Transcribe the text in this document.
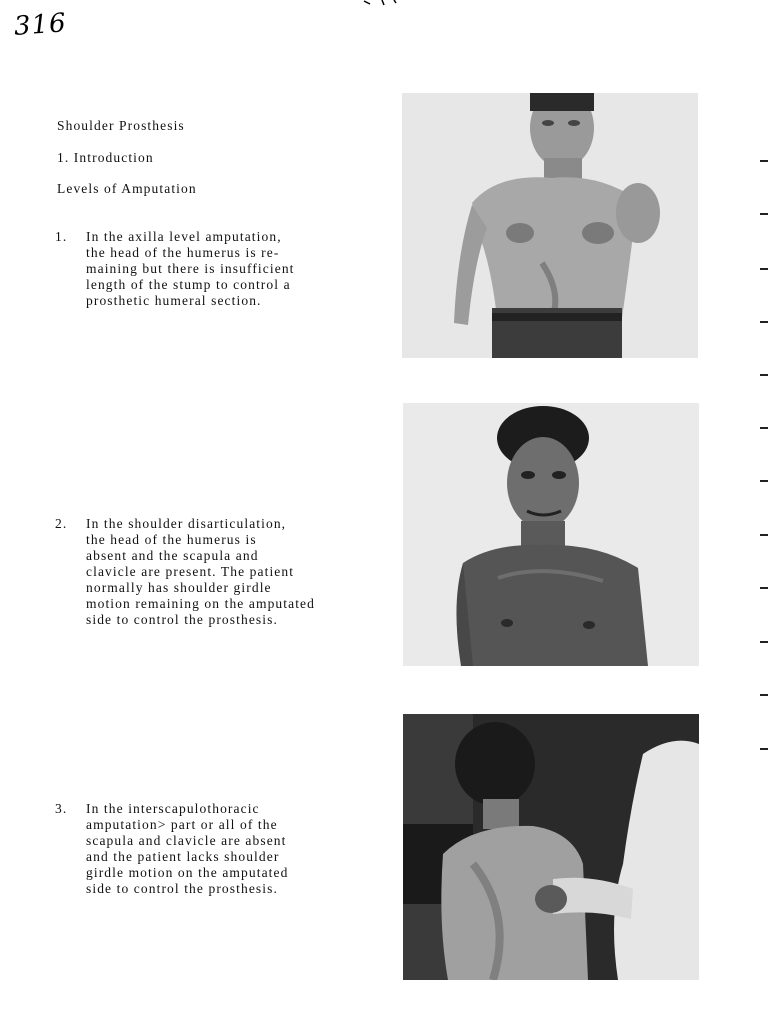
316
Shoulder Prosthesis
1. Introduction
Levels of Amputation
1.	In the axilla level amputation,
the head of the humerus is re-
maining but there is insufficient
length of the stump to control a
prosthetic humeral section.
2.	In the shoulder disarticulation,
the head of the humerus is
absent and the scapula and
clavicle are present. The patient
normally has shoulder girdle
motion remaining on the amputated
side to control the prosthesis.
3.	In the interscapulothoracic
amputation> part or all of the
scapula and clavicle are absent
and the patient lacks shoulder
girdle motion on the amputated
side to control the prosthesis.
